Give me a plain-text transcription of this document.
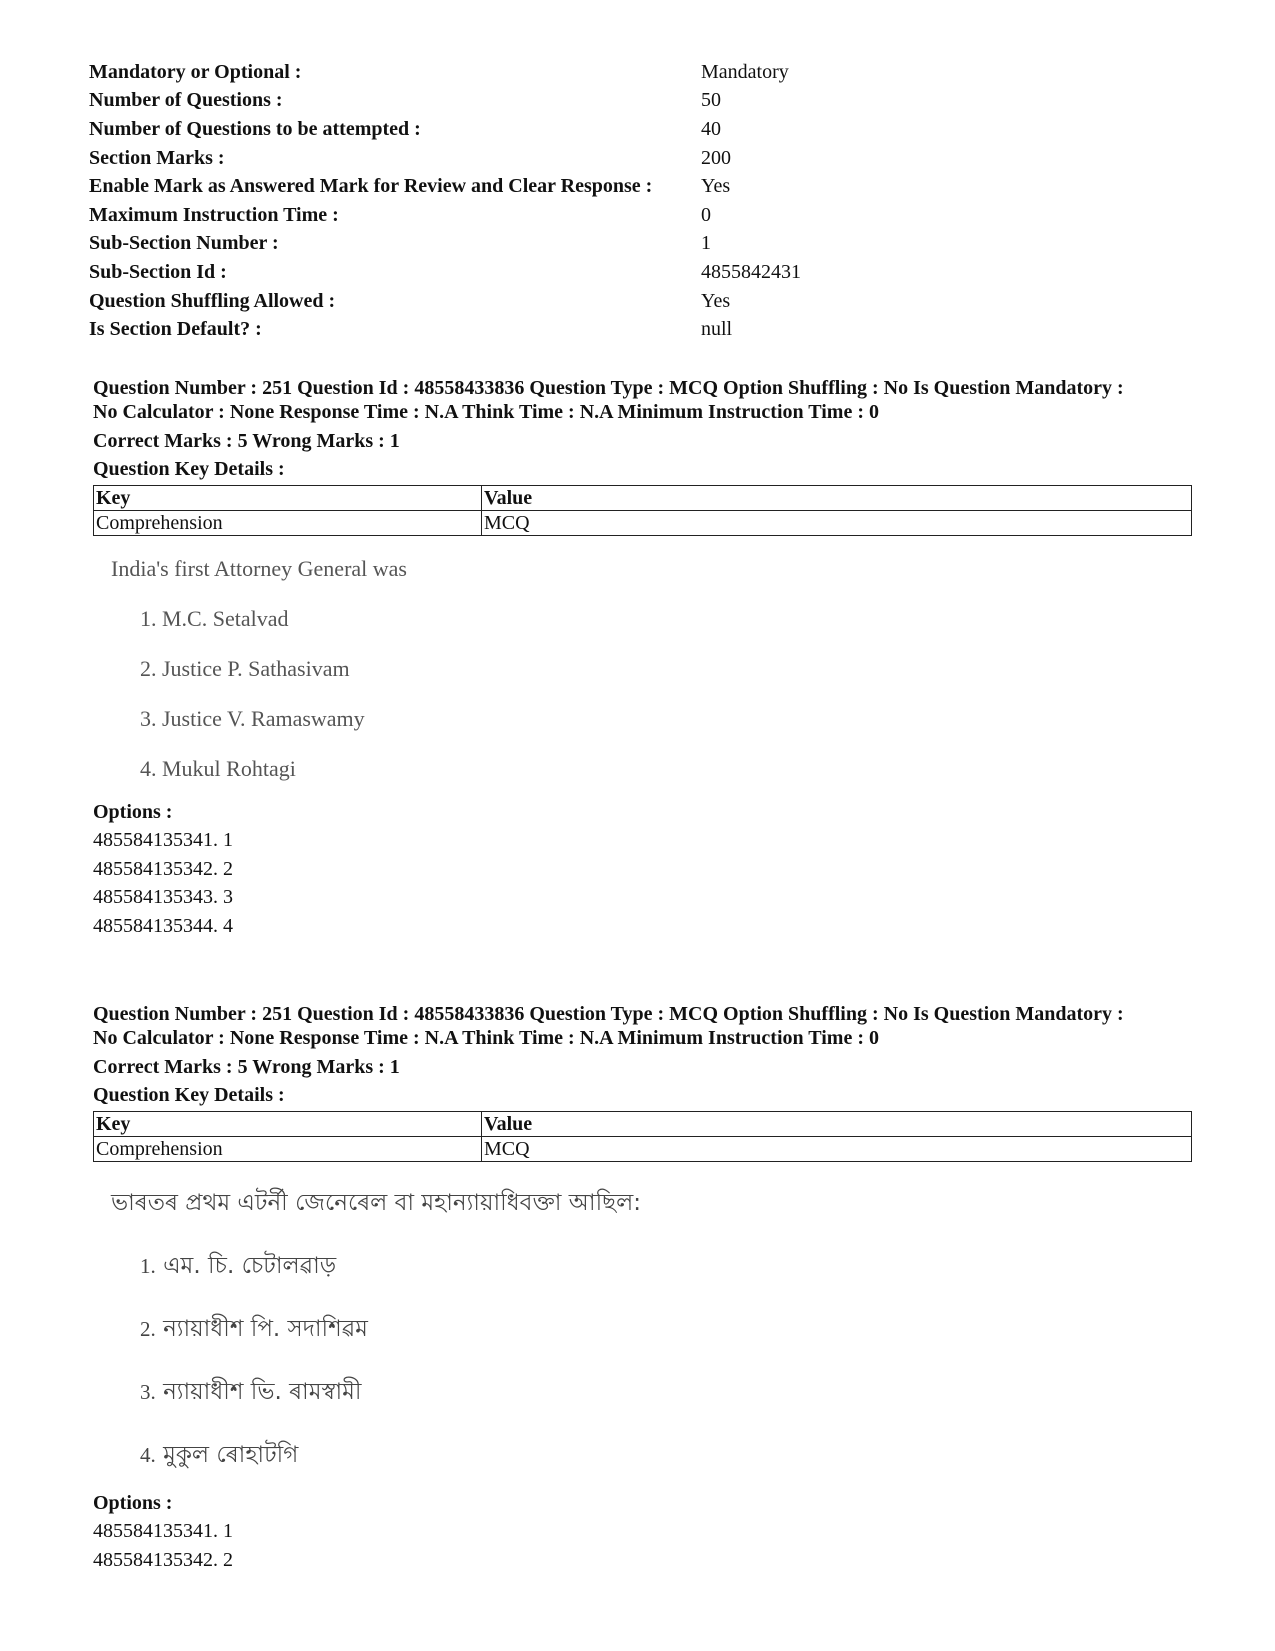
Mandatory or Optional :	Mandatory
Number of Questions :	50
Number of Questions to be attempted :	40
Section Marks :	200
Enable Mark as Answered Mark for Review and Clear Response :	Yes
Maximum Instruction Time :	0
Sub-Section Number :	1
Sub-Section Id :	4855842431
Question Shuffling Allowed :	Yes
Is Section Default? :	null
Question Number : 251 Question Id : 48558433836 Question Type : MCQ Option Shuffling : No Is Question Mandatory :
No Calculator : None Response Time : N.A Think Time : N.A Minimum Instruction Time : 0
Correct Marks : 5 Wrong Marks : 1
Question Key Details :
Key	Value
Comprehension	MCQ
India's first Attorney General was
1. M.C. Setalvad
2. Justice P. Sathasivam
3. Justice V. Ramaswamy
4. Mukul Rohtagi
Options :
485584135341. 1
485584135342. 2
485584135343. 3
485584135344. 4
Question Number : 251 Question Id : 48558433836 Question Type : MCQ Option Shuffling : No Is Question Mandatory :
No Calculator : None Response Time : N.A Think Time : N.A Minimum Instruction Time : 0
Correct Marks : 5 Wrong Marks : 1
Question Key Details :
Key	Value
Comprehension	MCQ
ভাৰতৰ প্ৰথম এটৰ্নী জেনেৰেল বা মহান্যায়াধিবক্তা আছিল:
1. এম. চি. চেটালৱাড়
2. ন্যায়াধীশ পি. সদাশিৱম
3. ন্যায়াধীশ ভি. ৰামস্বামী
4. মুকুল ৰোহাটগি
Options :
485584135341. 1
485584135342. 2
